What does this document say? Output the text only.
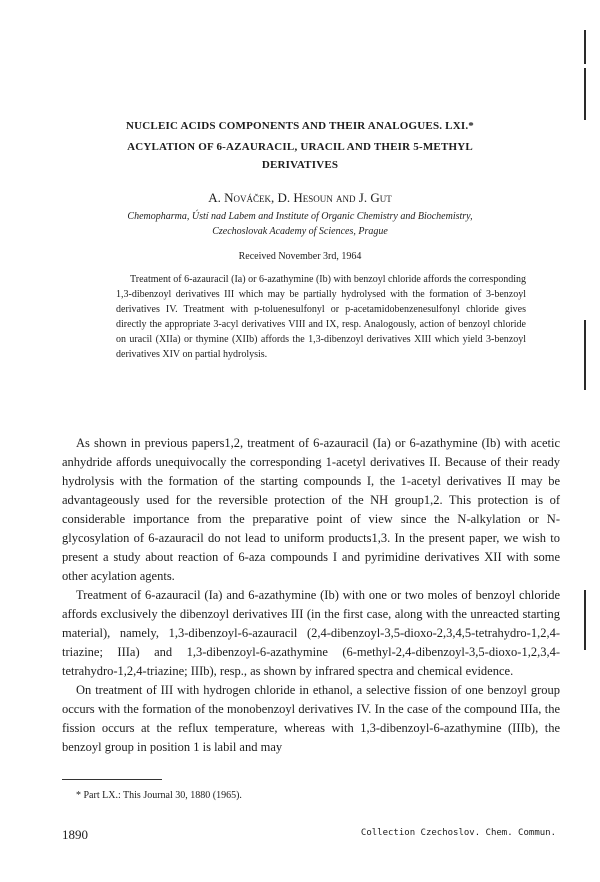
NUCLEIC ACIDS COMPONENTS AND THEIR ANALOGUES. LXI.*
ACYLATION OF 6-AZAURACIL, URACIL AND THEIR 5-METHYL
DERIVATIVES
A. Nováček, D. Hesoun and J. Gut
Chemopharma, Ústí nad Labem and Institute of Organic Chemistry and Biochemistry,
Czechoslovak Academy of Sciences, Prague
Received November 3rd, 1964

Treatment of 6-azauracil (Ia) or 6-azathymine (Ib) with benzoyl chloride affords the corresponding 1,3-dibenzoyl derivatives III which may be partially hydrolysed with the formation of 3-benzoyl derivatives IV. Treatment with p-toluenesulfonyl or p-acetamidobenzenesulfonyl chloride gives directly the appropriate 3-acyl derivatives VIII and IX, resp. Analogously, action of benzoyl chloride on uracil (XIIa) or thymine (XIIb) affords the 1,3-dibenzoyl derivatives XIII which yield 3-benzoyl derivatives XIV on partial hydrolysis.

As shown in previous papers1,2, treatment of 6-azauracil (Ia) or 6-azathymine (Ib) with acetic anhydride affords unequivocally the corresponding 1-acetyl derivatives II. Because of their ready hydrolysis with the formation of the starting compounds I, the 1-acetyl derivatives II may be advantageously used for the reversible protection of the NH group1,2. This protection is of considerable importance from the preparative point of view since the N-alkylation or N-glycosylation of 6-azauracil do not lead to uniform products1,3. In the present paper, we wish to present a study about reaction of 6-aza compounds I and pyrimidine derivatives XII with some other acylation agents.

Treatment of 6-azauracil (Ia) and 6-azathymine (Ib) with one or two moles of benzoyl chloride affords exclusively the dibenzoyl derivatives III (in the first case, along with the unreacted starting material), namely, 1,3-dibenzoyl-6-azauracil (2,4-dibenzoyl-3,5-dioxo-2,3,4,5-tetrahydro-1,2,4-triazine; IIIa) and 1,3-dibenzoyl-6-azathymine (6-methyl-2,4-dibenzoyl-3,5-dioxo-1,2,3,4-tetrahydro-1,2,4-triazine; IIIb), resp., as shown by infrared spectra and chemical evidence.

On treatment of III with hydrogen chloride in ethanol, a selective fission of one benzoyl group occurs with the formation of the monobenzoyl derivatives IV. In the case of the compound IIIa, the fission occurs at the reflux temperature, whereas with 1,3-dibenzoyl-6-azathymine (IIIb), the benzoyl group in position 1 is labil and may

* Part LX.: This Journal 30, 1880 (1965).
1890	Collection Czechoslov. Chem. Commun.
